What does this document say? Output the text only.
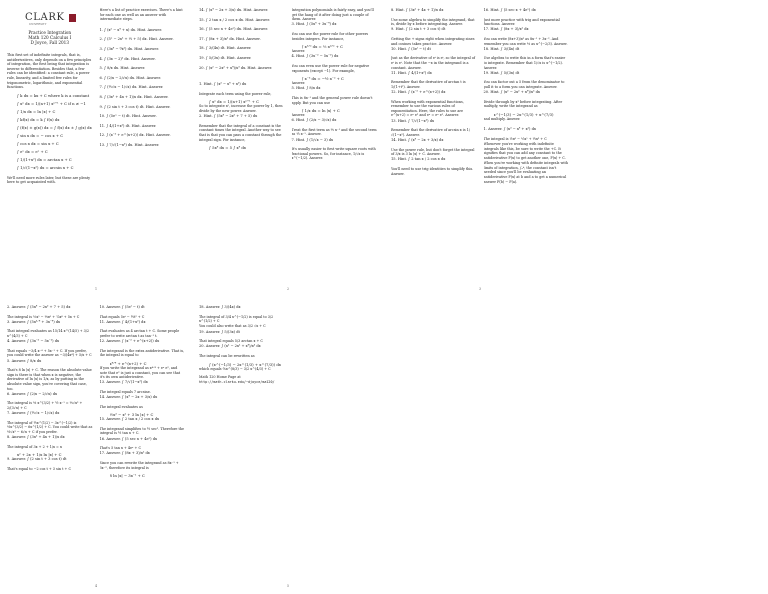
CLARK
UNIVERSITY
Practice Integration
Math 120 Calculus I
D Joyce, Fall 2013

This first set of indefinite integrals, that is, antiderivatives, only depends on a few principles of integration, the first being that integration is inverse to differentiation. Besides that, a few rules can be identified: a constant rule, a power rule, linearity, and a limited few rules for trigonometric, logarithmic, and exponential functions.

∫ k dx = kx + C where k is a constant
∫ xⁿ dx = 1/(n+1) xⁿ⁺¹ + C if n ≠ −1
∫ 1/x dx = ln |x| + C
∫ kf(x) dx = k ∫ f(x) dx
∫ (f(x) ± g(x)) dx = ∫ f(x) dx ± ∫ g(x) dx
∫ sin x dx = − cos x + C
∫ cos x dx = sin x + C
∫ eˣ dx = eˣ + C
∫ 1/(1+x²) dx = arctan x + C
∫ 1/√(1−x²) dx = arcsin x + C

We'll need more rules later, but these are plenty here to get acquainted with.

Here's a list of practice exercises. There's a hint for each one as well as an answer with intermediate steps.

1. ∫ (x² − x⁴ + x) dx. Hint. Answer.
2. ∫ (5ˣ − 2x² + ⅓ + 5) dx. Hint. Answer.
3. ∫ (3x⁴ − ⁵⁄x²) dx. Hint. Answer.
4. ∫ (3x − 2)² dx. Hint. Answer.
5. ∫ 8/x dx. Hint. Answer.
6. ∫ (2/x − 2/√x) dx. Hint. Answer.
7. ∫ (½√x − 1/√x) dx. Hint. Answer.
8. ∫ (3x² + 4x + 1)/x dx. Hint. Answer.
9. ∫ (2 sin t + 3 cos t) dt. Hint. Answer.
10. ∫ (5eˣ − t) dt. Hint. Answer.
11. ∫ 4/(1+x²) dt. Hint. Answer.
12. ∫ (x⁻⁵ + e^(x+2)) dx. Hint. Answer.
13. ∫ 7/√(1−x²) dx. Hint. Answer.
1
14. ∫ (x⁴ − 2x + 3/x) dx. Hint. Answer.
15. ∫ 2 tan x / 2 cos x dx. Hint. Answer.
16. ∫ (5 sec x + 4eˣ) dx. Hint. Answer.
17. ∫ (8x + 3)/x² dx. Hint. Answer.
18. ∫ 3/(4x) dt. Hint. Answer.
19. ∫ 5/(3x) dt. Hint. Answer.
20. ∫ (x² − 2x² + x⁴)/x³ dx. Hint. Answer.
1. Hint. ∫ (x⁵ − x⁴ + x²) dx

Integrate each term using the power rule,

∫ xⁿ dx = 1/(n+1) xⁿ⁺¹ + C

So to integrate x⁵, increase the power by 1, then divide by the new power. Answer.

2. Hint. ∫ (5x⁴ − 2x⁵ + 7 + 5) dx

Remember that the integral of a constant is the constant times the integral. Another way to see that is that you can pass a constant through the integral sign. For instance,

∫ 5x⁴ dx = 5 ∫ x⁴ dx

Integration polynomials is fairly easy, and you'll get the hang of it after doing just a couple of them. Answer.

3. Hint. ∫ (5x⁴ + 3x⁻⁴) dx

You can use the power rule for other powers besides integers. For instance,

∫ x³ᐟ² dx = ⅖ x⁵ᐟ² + C

Answer.

4. Hint. ∫ (3x⁻⁵ − 5x⁻²) dx

You can even use the power rule for negative exponents (except −1). For example,

∫ x⁻³ dx = −½ x⁻² + C

Answer.

5. Hint. ∫ 8/x dx

This is 8x⁻¹ and the general power rule doesn't apply. But you can use

∫ 1/x dx = ln |x| + C

Answer.

6. Hint. ∫ (2/x − 3/√x) dx

Treat the first term as ⅔ x⁻¹ and the second term as ⅓ x⁻¹. Answer.

7. Hint. ∫ (1/√x − 3) dx

It's usually easier to first write square roots with fractional powers. So, for instance, 1/√x is x^(−1/2). Answer.

2
8. Hint. ∫ (3x² + 4x + 1)/x dx

Use some algebra to simplify the integrand, that is, divide by x before integrating. Answer.

9. Hint. ∫ (2 sin t + 3 cos t) dt

Getting the + signs right when integrating sines and cosines takes practice. Answer.

10. Hint. ∫ (5eᵗ − t) dt

Just as the derivative of eᵗ is eᵗ, so the integral of eᵗ is eᵗ. Note that the −x in the integrand is a constant. Answer.

11. Hint. ∫ 4/(1+x²) dx

Remember that the derivative of arctan t is 1/(1+t²). Answer.

12. Hint. ∫ (x⁻⁵ + e^(x+2)) dx

When working with exponential functions, remember to use the various rules of exponentiation. Here, the rules to use are e^(x+2) = eˣ e² and eˣ = eˣ e². Answer.

13. Hint. ∫ 7/√(1−x²) dx

Remember that the derivative of arcsin x is 1/√(1−x²). Answer.

14. Hint. ∫ (x⁴ − 2x + 3/x) dx

Use the power rule, but don't forget the integral of 3/x is 3 ln |x| + C. Answer.

15. Hint. ∫ 2 tan x / 2 cos x dx

You'll need to use trig identities to simplify this. Answer.

16. Hint. ∫ (5 sec x + 4eˣ) dx

Just more practice with trig and exponential functions. Answer.

17. Hint. ∫ (8x + 3)/x² dx

You can write (8x+3)/x² as 8x⁻¹ + 3x⁻². And remember you can write ⅔ as x^(−2/3). Answer.

18. Hint. ∫ 3/(4x) dt

Use algebra to write this in a form that's easier to integrate. Remember that 1/√x is x^(−1/2). Answer.

19. Hint. ∫ 5/(3x) dt

You can factor out a 5 from the denominator to pull it to a form you can integrate. Answer.

20. Hint. ∫ (x² − 2x² + x⁴)/x³ dx

Divide through by x³ before integrating. After multiply, write the integrand as

x^(−1/3) − 2x^(1/3) + x^(7/3)

and multiply. Answer.

1. Answer. ∫ (x⁵ − x⁴ + x²) dx

The integral is ⅙x⁶ − ⅕x⁵ + ⅓x³ + C

Whenever you're working with indefinite integrals like this, be sure to write the +C. It signifies that you can add any constant to the antiderivative F(x) to get another one, F(x) + C.

When you're working with definite integrals with limits of integration, ∫ₐᵇ, the constant isn't needed since you'll be evaluating an antiderivative F(x) at b and a to get a numerical answer F(b) − F(a).

3
2. Answer. ∫ (5x⁴ − 2x⁵ + 7 + 5) dx

The integral is ⅖x⁵ − ⅔x⁶ + ⅞x⁸ + 5x + C

3. Answer. ∫ (5x³ᐟ⁴ + 3x⁻⁴) dx

That integral evaluates as 15/14 x^(14/5) + 3/2 x^(4/3) + C

4. Answer. ∫ (3x⁻⁵ − 5x⁻²) dx

That equals −3/4 x⁻⁴ + 5x⁻¹ + C. If you prefer, you could write the answer as −3/(4x⁴) + 5/x + C

5. Answer. ∫ 8/x dx

That's 8 ln |x| + C. The reason the absolute value sign is there is that when x is negative, the derivative of ln |x| is 1/x, as by putting in the absolute value sign, you're covering that case, too.

6. Answer. ∫ (2/x − 2/√x) dx

The integral is ⅔ x^(3/2) + ½ x⁻¹ = ⅔√x³ + 2/(3√x) + C

7. Answer. ∫ (½√x − 1/√x) dx

The integral of ½x^(1/2) − 3x^(−1/2) is ⅓x^(3/2) − 6x^(1/2) + C. You could write that as ⅓√x³ − 6√x + C if you prefer.

8. Answer. ∫ (3x² + 4x + 1)/x dx

The integral of 3x + 2 + 1/x = x

x² + 2x + 1/x ln |x| + C
9. Answer. ∫ (2 sin t + 3 cos t) dt

That's equal to −2 cos t + 3 sin t + C

10. Answer. ∫ (5eᵗ − t) dt

That equals 5eᵗ − ½t² + C

11. Answer. ∫ 4/(1+x²) dx

That evaluates as 4 arctan t + C. Some people prefer to write arctan t as tan⁻¹ t.

12. Answer. ∫ (x⁻⁵ + e^(x+2)) dx

The integrand is the extra antiderivative. That is, the integral is equal to

x⁴ᐟ⁴ + e^(x+2) + C

If you write the integrand as x⁴ᐟ⁴ + eˣ e², and note that e² is just a constant, you can see that it's its own antiderivative.

13. Answer. ∫ 7/√(1−x²) dx

The integral equals 7 arcsine.

14. Answer. ∫ (x⁴ − 2x + 3/x) dx

The integral evaluates as

⅕x⁵ − x² + 3 ln |x| + C
15. Answer. ∫ 2 tan x / 2 cos x dx

The integrand simplifies to ½ sec². Therefore the integral is ½ tan x + C.

16. Answer. ∫ (5 sec x + 4eˣ) dx

That's 5 tan x + 4eˣ + C

17. Answer. ∫ (8x + 3)/x² dx

Since you can rewrite the integrand as 8x⁻¹ + 3x⁻², therefore its integral is

8 ln |x| − 3x⁻¹ + C
4
18. Answer. ∫ 3/(4x) dx

The integral of 3/4 x^(−1/2) is equal to 3/2 x^(1/2) + C

You could also write that as 3/2 √x + C

19. Answer. ∫ 5/(3x) dt

That integral equals 5/3 arctan x + C

20. Answer. ∫ (x² − 2x² + x⁴)/x³ dx

The integral can be rewritten as

∫ (x^(−1/3) − 2x^(1/3) + x^(7/3)) dx

which equals ⅜x^(8/3) − 3/2 x^(4/3) + C

Math 120 Home Page at

http://math.clarku.edu/~djoyce/ma120/

5
